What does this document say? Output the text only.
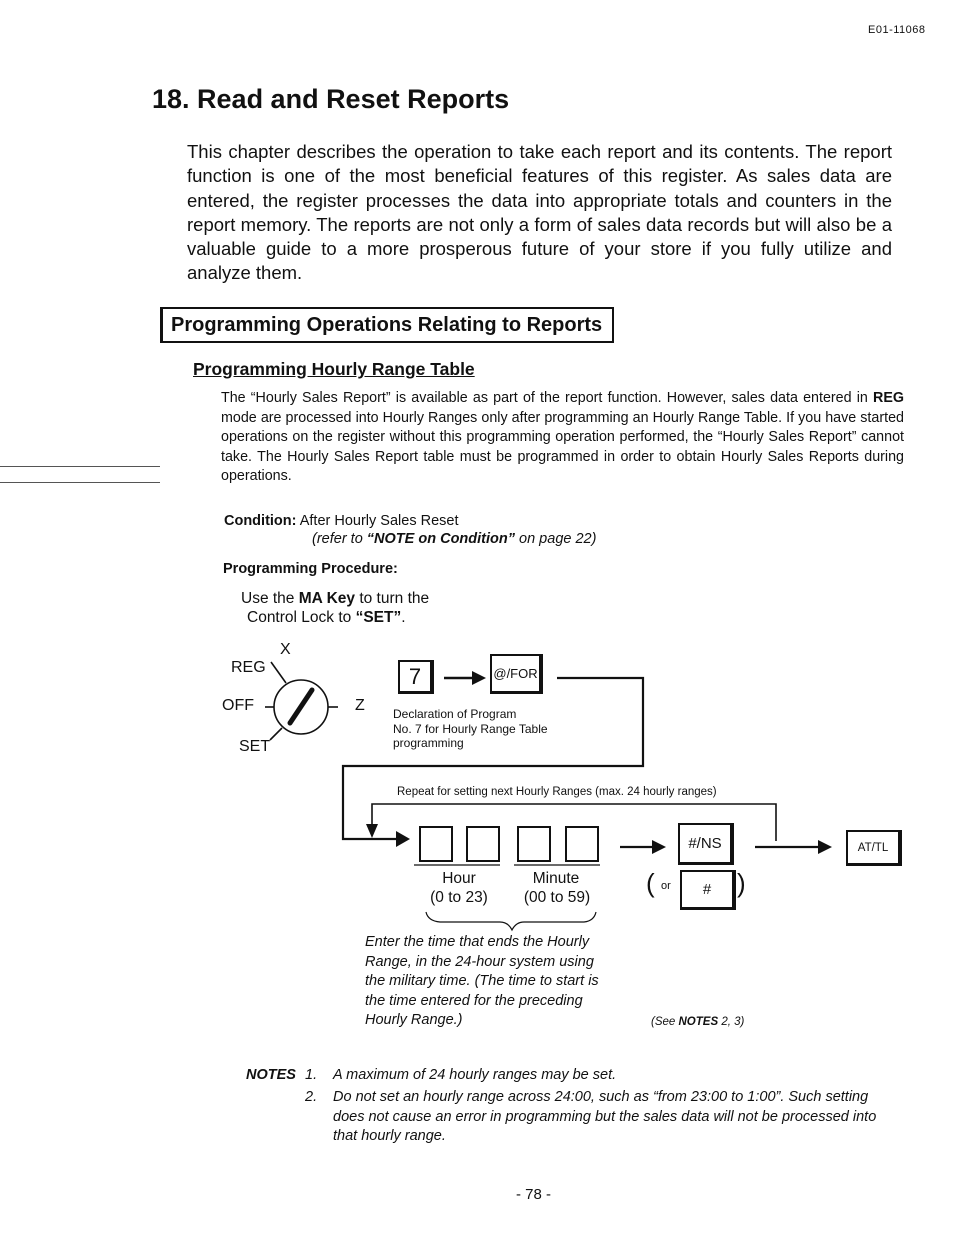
E01-11068
18. Read and Reset Reports

This chapter describes the operation to take each report and its contents. The report function is one of the most beneficial features of this register. As sales data are entered, the register processes the data into appropriate totals and counters in the report memory. The reports are not only a form of sales data records but will also be a valuable guide to a more prosperous future of your store if you fully utilize and analyze them.

Programming Operations Relating to Reports
Programming Hourly Range Table

The “Hourly Sales Report” is available as part of the report function. However, sales data entered in REG mode are processed into Hourly Ranges only after programming an Hourly Range Table. If you have started operations on the register without this programming operation performed, the “Hourly Sales Report” cannot take. The Hourly Sales Report table must be programmed in order to obtain Hourly Sales Reports during operations.

Condition: After Hourly Sales Reset
(refer to “NOTE on Condition” on page 22)
Programming Procedure:
Use the MA Key to turn the
Control Lock to “SET”.
X
REG
OFF
SET
Z
7	@/FOR
Declaration of Program
No. 7 for Hourly Range Table
programming
Repeat for setting next Hourly Ranges (max. 24 hourly ranges)
Hour
(0 to 23)
Minute
(00 to 59)
#/NS
( or # )
AT/TL
Enter the time that ends the Hourly
Range, in the 24-hour system using
the military time. (The time to start is
the time entered for the preceding
Hourly Range.)	(See NOTES 2, 3)
NOTES 1. A maximum of 24 hourly ranges may be set.
2. Do not set an hourly range across 24:00, such as “from 23:00 to 1:00”. Such setting does not cause an error in programming but the sales data will not be processed into that hourly range.
- 78 -
